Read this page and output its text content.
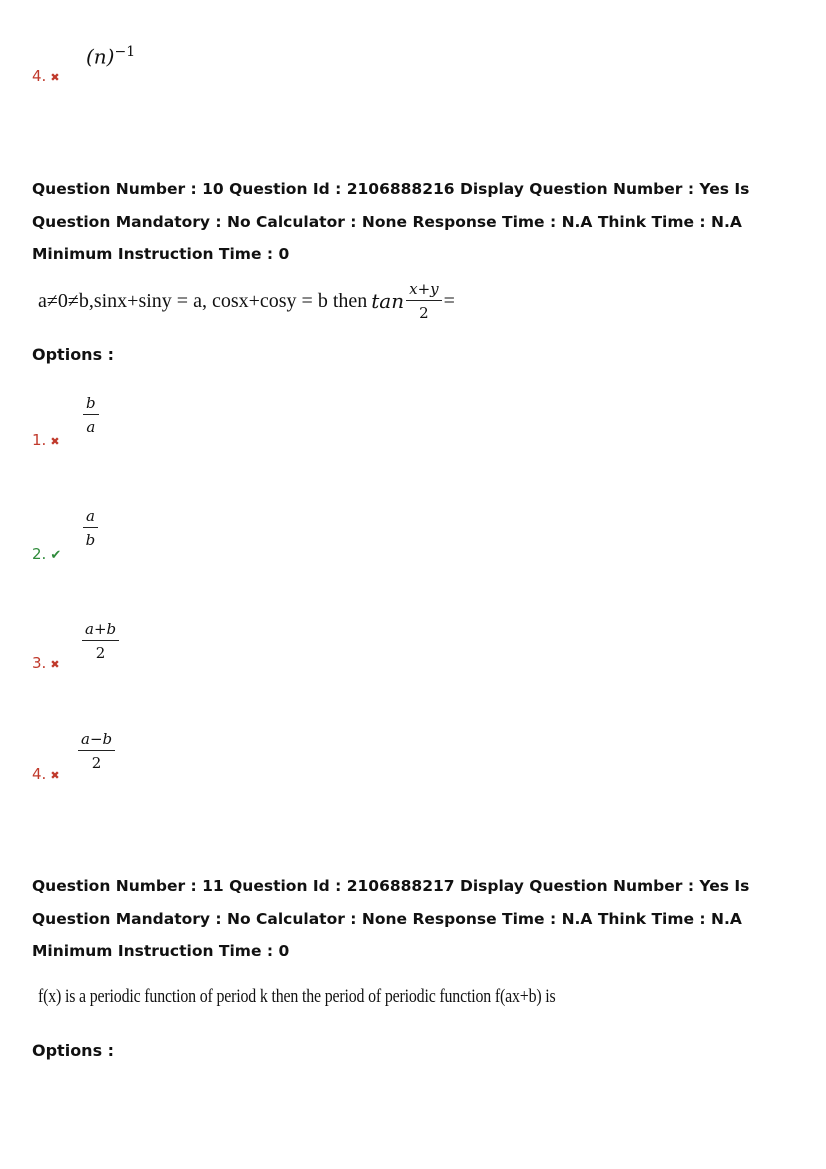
4. ✖
$(n)^{-1}$
Question Number : 10 Question Id : 2106888216 Display Question Number : Yes Is Question Mandatory : No Calculator : None Response Time : N.A Think Time : N.A Minimum Instruction Time : 0
a≠0≠b,sinx+siny = a, cosx+cosy = b then $\tan \frac{x+y}{2}$ =
Options :
1. ✖
$\frac{b}{a}$
2. ✔
$\frac{a}{b}$
3. ✖
$\frac{a+b}{2}$
4. ✖
$\frac{a-b}{2}$
Question Number : 11 Question Id : 2106888217 Display Question Number : Yes Is Question Mandatory : No Calculator : None Response Time : N.A Think Time : N.A Minimum Instruction Time : 0
f(x) is a periodic function of period k then the period of periodic function f(ax+b) is
Options :
